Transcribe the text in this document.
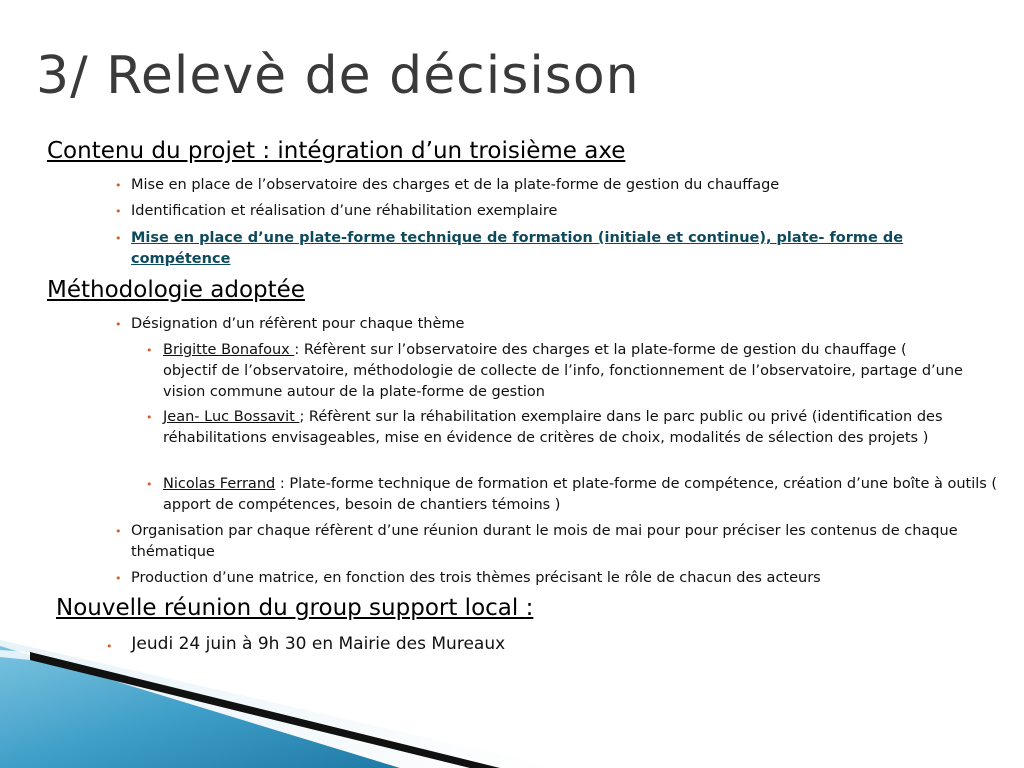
3/ Relevè de décisison
Contenu du projet : intégration d’un troisième axe
• Mise en place de l’observatoire des charges et de la plate-forme de gestion du chauffage
• Identification et réalisation d’une réhabilitation exemplaire
• Mise en place d’une plate-forme technique de formation (initiale et continue), plate- forme de compétence
Méthodologie adoptée
• Désignation d’un réfèrent pour chaque thème
• Brigitte Bonafoux : Réfèrent sur l’observatoire des charges et la plate-forme de gestion du chauffage ( objectif de l’observatoire, méthodologie de collecte de l’info, fonctionnement de l’observatoire, partage d’une vision commune autour de la plate-forme de gestion
• Jean- Luc Bossavit ; Réfèrent sur la réhabilitation exemplaire dans le parc public ou privé (identification des réhabilitations envisageables, mise en évidence de critères de choix, modalités de sélection des projets )
• Nicolas Ferrand : Plate-forme technique de formation et plate-forme de compétence, création d’une boîte à outils ( apport de compétences, besoin de chantiers témoins )
• Organisation par chaque réfèrent d’une réunion durant le mois de mai pour pour préciser les contenus de chaque thématique
• Production d’une matrice, en fonction des trois thèmes précisant le rôle de chacun des acteurs
Nouvelle réunion du group support local :
• Jeudi 24 juin à 9h 30 en Mairie des Mureaux
